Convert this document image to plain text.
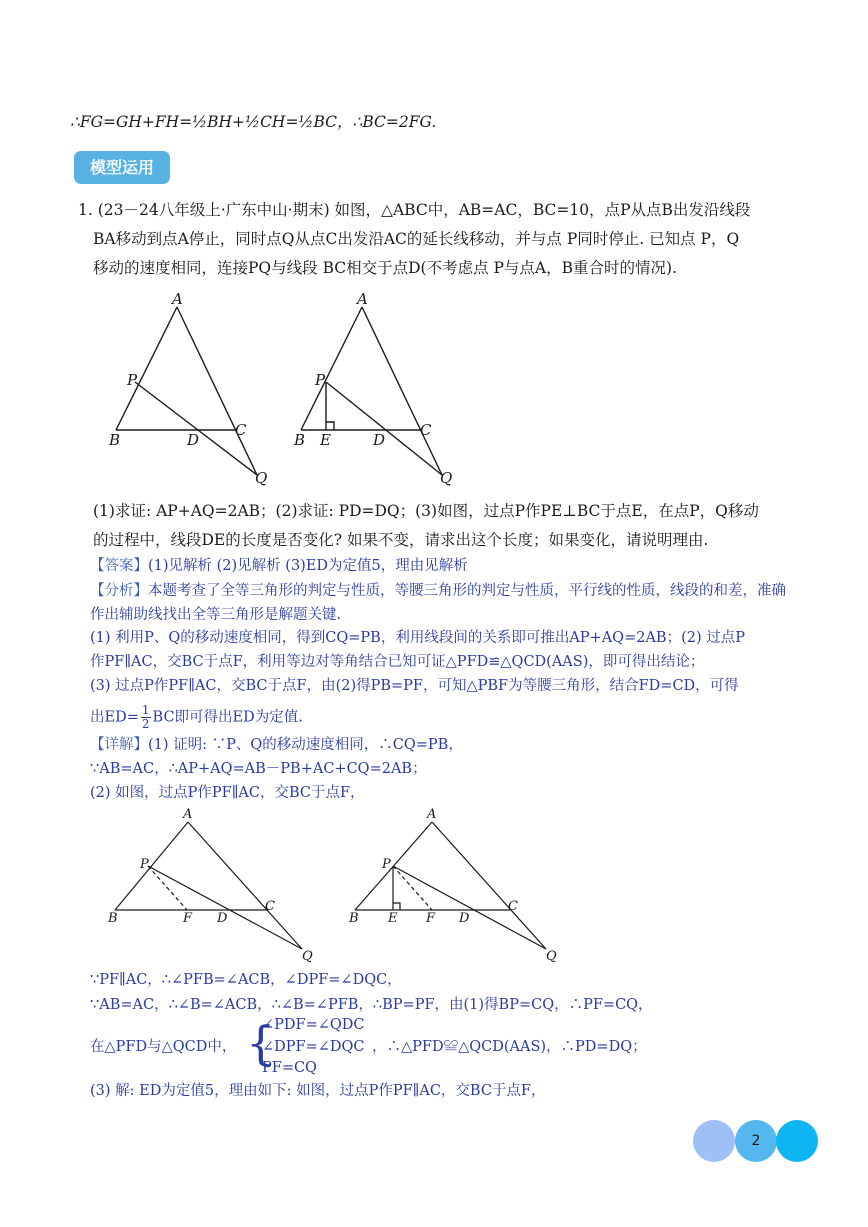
∴FG=GH+FH=½BH+½CH=½BC，∴BC=2FG.
模型运用
1. (23－24八年级上·广东中山·期末) 如图，△ABC中，AB=AC，BC=10，点P从点B出发沿线段
BA移动到点A停止，同时点Q从点C出发沿AC的延长线移动，并与点 P同时停止. 已知点 P，Q
移动的速度相同，连接PQ与线段 BC相交于点D(不考虑点 P与点A，B重合时的情况).
A
P
B	D
C
Q
A
P
B E	D
C
Q
(1)求证: AP+AQ=2AB；(2)求证: PD=DQ；(3)如图，过点P作PE⊥BC于点E，在点P，Q移动
的过程中，线段DE的长度是否变化? 如果不变，请求出这个长度；如果变化，请说明理由.
【答案】(1)见解析 (2)见解析 (3)ED为定值5，理由见解析
【分析】本题考查了全等三角形的判定与性质，等腰三角形的判定与性质，平行线的性质，线段的和差，准确
作出辅助线找出全等三角形是解题关键.
(1) 利用P、Q的移动速度相同，得到CQ=PB，利用线段间的关系即可推出AP+AQ=2AB；(2) 过点P
作PF∥AC，交BC于点F，利用等边对等角结合已知可证△PFD≌△QCD(AAS)，即可得出结论；
(3) 过点P作PF∥AC，交BC于点F，由(2)得PB=PF，可知△PBF为等腰三角形，结合FD=CD，可得
出$ED= \frac{1}{2}$ BC即可得出ED为定值.
【详解】(1) 证明: ∵P、Q的移动速度相同，∴CQ=PB，
∵AB=AC，∴AP+AQ=AB－PB+AC+CQ=2AB；
(2) 如图，过点P作PF∥AC，交BC于点F，
A
P
B	F D
C
Q
A
P
B E F D
C
Q
∵PF∥AC，∴∠PFB=∠ACB，∠DPF=∠DQC，
∵AB=AC，∴∠B=∠ACB，∴∠B=∠PFB，∴BP=PF，由(1)得BP=CQ，∴PF=CQ，
在△PFD与△QCD中， {
∠PDF=∠QDC
∠DPF=∠DQC
PF=CQ
，∴△PFD≌△QCD(AAS)，∴PD=DQ；
(3) 解: ED为定值5，理由如下: 如图，过点P作PF∥AC，交BC于点F，
2
